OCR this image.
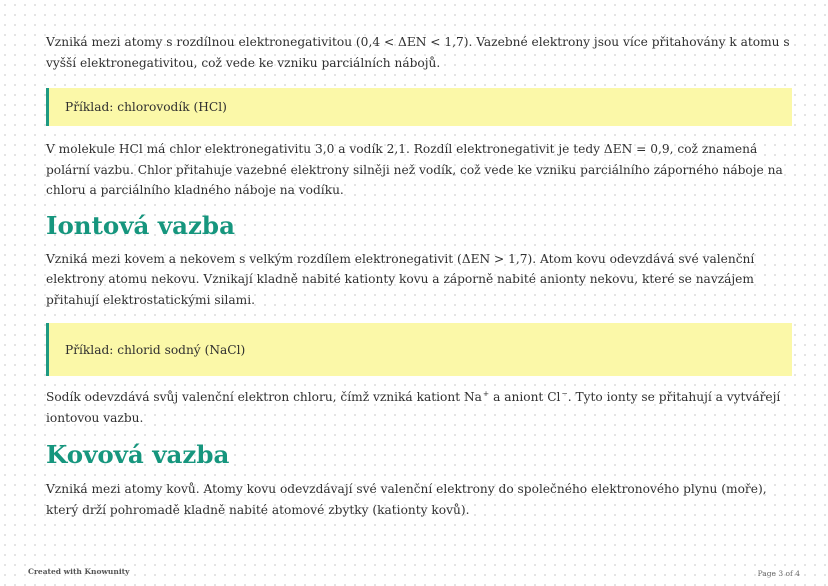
Vzniká mezi atomy s rozdílnou elektronegativitou (0,4 < ΔEN < 1,7). Vazebné elektrony jsou více přitahovány k atomu s vyšší elektronegativitou, což vede ke vzniku parciálních nábojů.

Příklad: chlorovodík (HCl)

V molekule HCl má chlor elektronegativitu 3,0 a vodík 2,1. Rozdíl elektronegativit je tedy ΔEN = 0,9, což znamená polární vazbu. Chlor přitahuje vazebné elektrony silněji než vodík, což vede ke vzniku parciálního záporného náboje na chloru a parciálního kladného náboje na vodíku.

Iontová vazba

Vzniká mezi kovem a nekovem s velkým rozdílem elektronegativit (ΔEN > 1,7). Atom kovu odevzdává své valenční elektrony atomu nekovu. Vznikají kladně nabité kationty kovu a záporně nabité anionty nekovu, které se navzájem přitahují elektrostatickými silami.

Příklad: chlorid sodný (NaCl)

Sodík odevzdává svůj valenční elektron chloru, čímž vzniká kationt Na+ a aniont Cl−. Tyto ionty se přitahují a vytvářejí iontovou vazbu.

Kovová vazba

Vzniká mezi atomy kovů. Atomy kovu odevzdávají své valenční elektrony do společného elektronového plynu (moře), který drží pohromadě kladně nabité atomové zbytky (kationty kovů).

Created with Knowunity	Page 3 of 4
